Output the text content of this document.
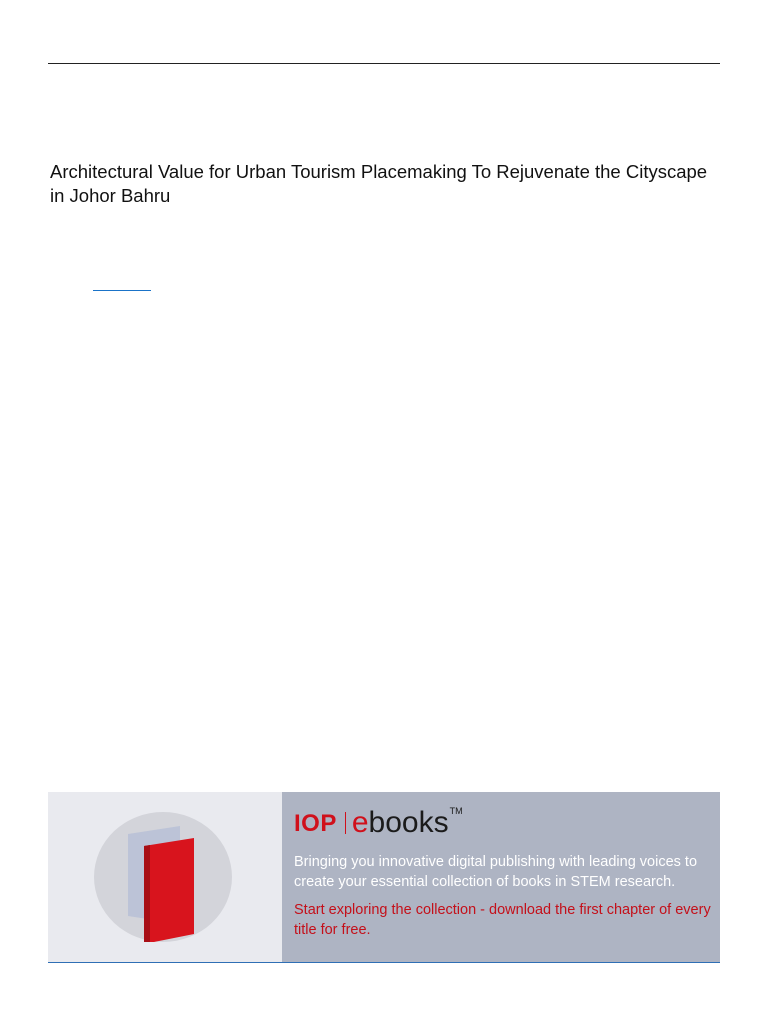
Architectural Value for Urban Tourism Placemaking To Rejuvenate the Cityscape in Johor Bahru
IOP e books TM

Bringing you innovative digital publishing with leading voices to create your essential collection of books in STEM research.

Start exploring the collection - download the first chapter of every title for free.
